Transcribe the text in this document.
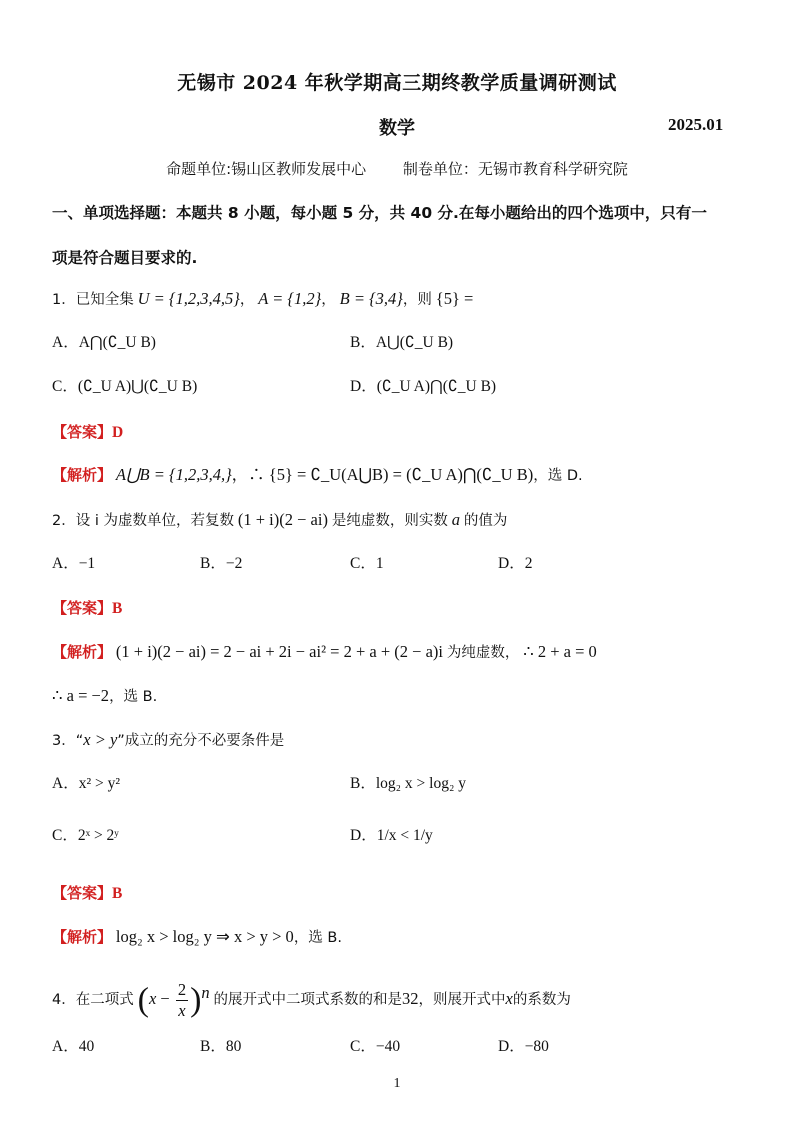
无锡市 2024 年秋学期高三期终教学质量调研测试
数学	2025.01
命题单位:锡山区教师发展中心 制卷单位：无锡市教育科学研究院
一、单项选择题：本题共 8 小题，每小题 5 分，共 40 分.在每小题给出的四个选项中，只有一
项是符合题目要求的.
1．已知全集 U = {1,2,3,4,5}， A = {1,2}， B = {3,4}，则 {5} =
A．A⋂(∁_U B)	B．A⋃(∁_U B)
C．(∁_U A)⋃(∁_U B)	D．(∁_U A)⋂(∁_U B)
【答案】D
【解析】 A⋃B = {1,2,3,4,}，∴ {5} = ∁_U(A⋃B) = (∁_U A)⋂(∁_U B)，选 D.
2．设 i 为虚数单位，若复数 (1 + i)(2 − ai) 是纯虚数，则实数 a 的值为
A．−1	B．−2	C．1	D．2
【答案】B
【解析】 (1 + i)(2 − ai) = 2 − ai + 2i − ai² = 2 + a + (2 − a)i 为纯虚数， ∴ 2 + a = 0
∴ a = −2，选 B.
3．“x > y”成立的充分不必要条件是
A．x² > y²	B．log₂ x > log₂ y
C．2ˣ > 2ʸ	D．1/x < 1/y
【答案】B
【解析】 log₂ x > log₂ y ⇒ x > y > 0，选 B.
4．在二项式 $(x - \frac{2}{x} )^n$ 的展开式中二项式系数的和是32，则展开式中x的系数为
A．40	B．80	C．−40	D．−80
1
